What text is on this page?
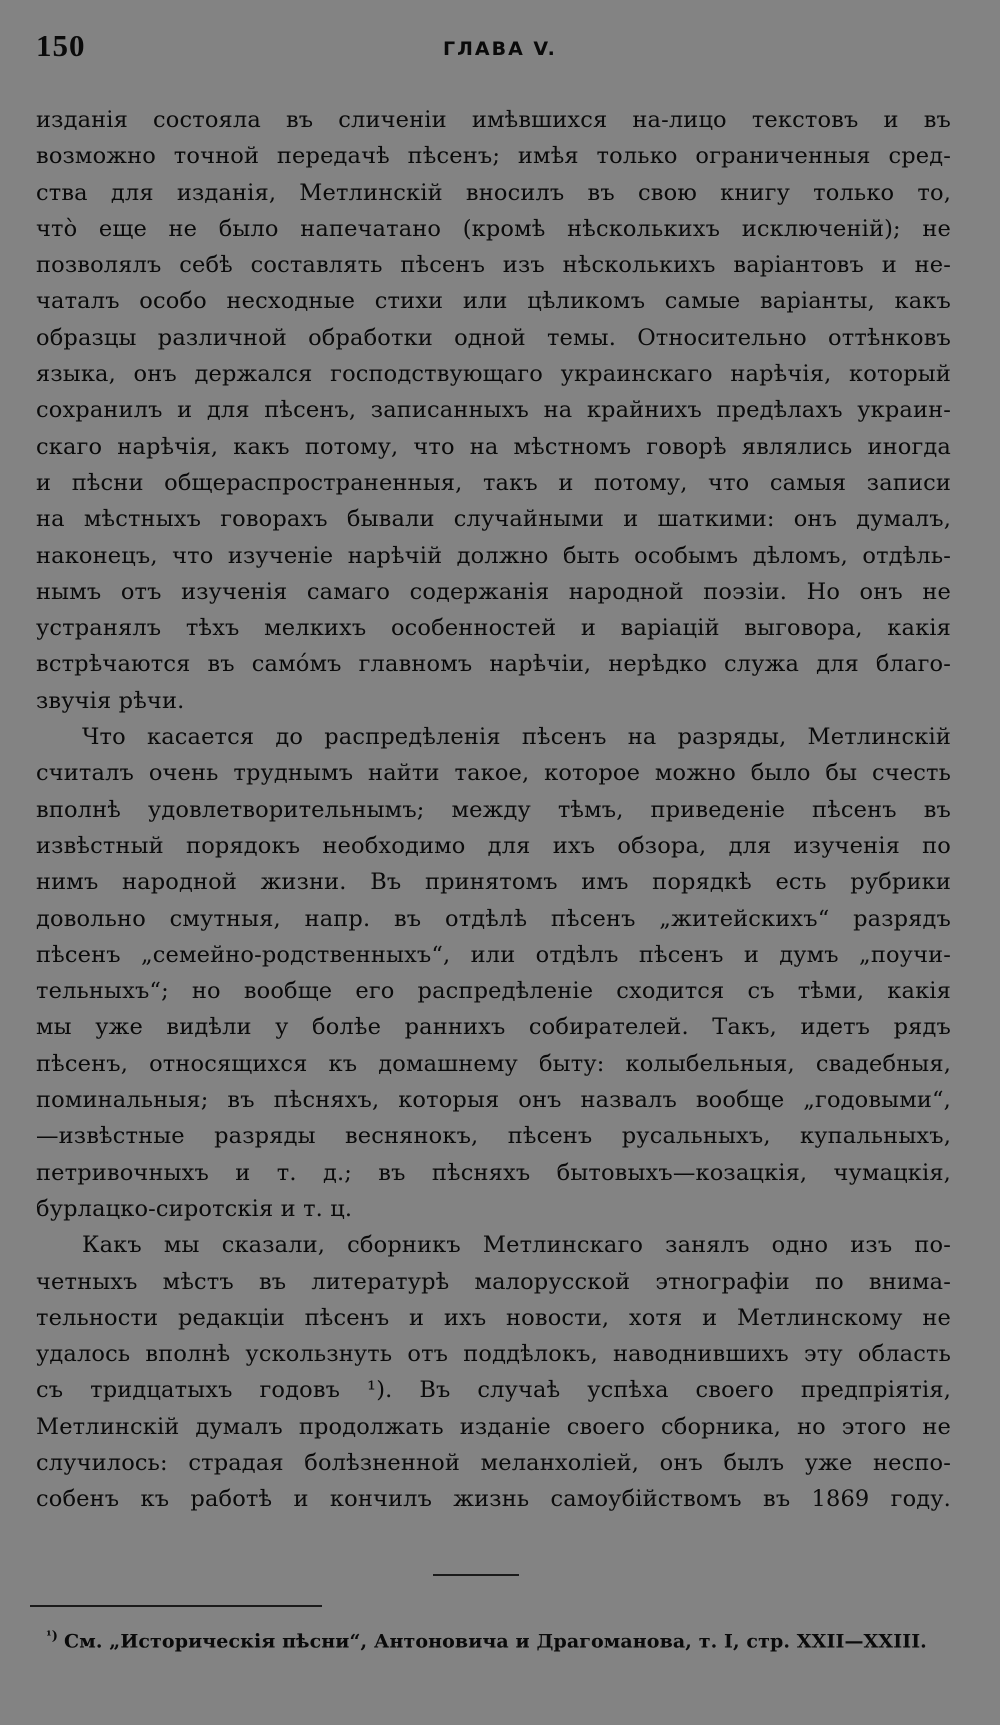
150	ГЛАВА V.
изданія состояла въ сличеніи имѣвшихся на-лицо текстовъ и въ
возможно точной передачѣ пѣсенъ; имѣя только ограниченныя сред-
ства для изданія, Метлинскій вносилъ въ свою книгу только то,
что̀ еще не было напечатано (кромѣ нѣсколькихъ исключеній); не
позволялъ себѣ составлять пѣсенъ изъ нѣсколькихъ варіантовъ и не-
чаталъ особо несходные стихи или цѣликомъ самые варіанты, какъ
образцы различной обработки одной темы. Относительно оттѣнковъ
языка, онъ держался господствующаго украинскаго нарѣчія, который
сохранилъ и для пѣсенъ, записанныхъ на крайнихъ предѣлахъ украин-
скаго нарѣчія, какъ потому, что на мѣстномъ говорѣ являлись иногда
и пѣсни общераспространенныя, такъ и потому, что самыя записи
на мѣстныхъ говорахъ бывали случайными и шаткими: онъ думалъ,
наконецъ, что изученіе нарѣчій должно быть особымъ дѣломъ, отдѣль-
нымъ отъ изученія самаго содержанія народной поэзіи. Но онъ не
устранялъ тѣхъ мелкихъ особенностей и варіацій выговора, какія
встрѣчаются въ само́мъ главномъ нарѣчіи, нерѣдко служа для благо-
звучія рѣчи.
Что касается до распредѣленія пѣсенъ на разряды, Метлинскій
считалъ очень труднымъ найти такое, которое можно было бы счесть
вполнѣ удовлетворительнымъ; между тѣмъ, приведеніе пѣсенъ въ
извѣстный порядокъ необходимо для ихъ обзора, для изученія по
нимъ народной жизни. Въ принятомъ имъ порядкѣ есть рубрики
довольно смутныя, напр. въ отдѣлѣ пѣсенъ „житейскихъ“ разрядъ
пѣсенъ „семейно-родственныхъ“, или отдѣлъ пѣсенъ и думъ „поучи-
тельныхъ“; но вообще его распредѣленіе сходится съ тѣми, какія
мы уже видѣли у болѣе раннихъ собирателей. Такъ, идетъ рядъ
пѣсенъ, относящихся къ домашнему быту: колыбельныя, свадебныя,
поминальныя; въ пѣсняхъ, которыя онъ назвалъ вообще „годовыми“,
—извѣстные разряды веснянокъ, пѣсенъ русальныхъ, купальныхъ,
петривочныхъ и т. д.; въ пѣсняхъ бытовыхъ—козацкія, чумацкія,
бурлацко-сиротскія и т. ц.
Какъ мы сказали, сборникъ Метлинскаго занялъ одно изъ по-
четныхъ мѣстъ въ литературѣ малорусской этнографіи по внима-
тельности редакціи пѣсенъ и ихъ новости, хотя и Метлинскому не
удалось вполнѣ ускользнуть отъ поддѣлокъ, наводнившихъ эту область
съ тридцатыхъ годовъ ¹). Въ случаѣ успѣха своего предпріятія,
Метлинскій думалъ продолжать изданіе своего сборника, но этого не
случилось: страдая болѣзненной меланхоліей, онъ былъ уже неспо-
собенъ къ работѣ и кончилъ жизнь самоубійствомъ въ 1869 году.
$^{^1)}$ См. „Историческія пѣсни“, Антоновича и Драгоманова, т. I, стр. XXII—XXIII.
